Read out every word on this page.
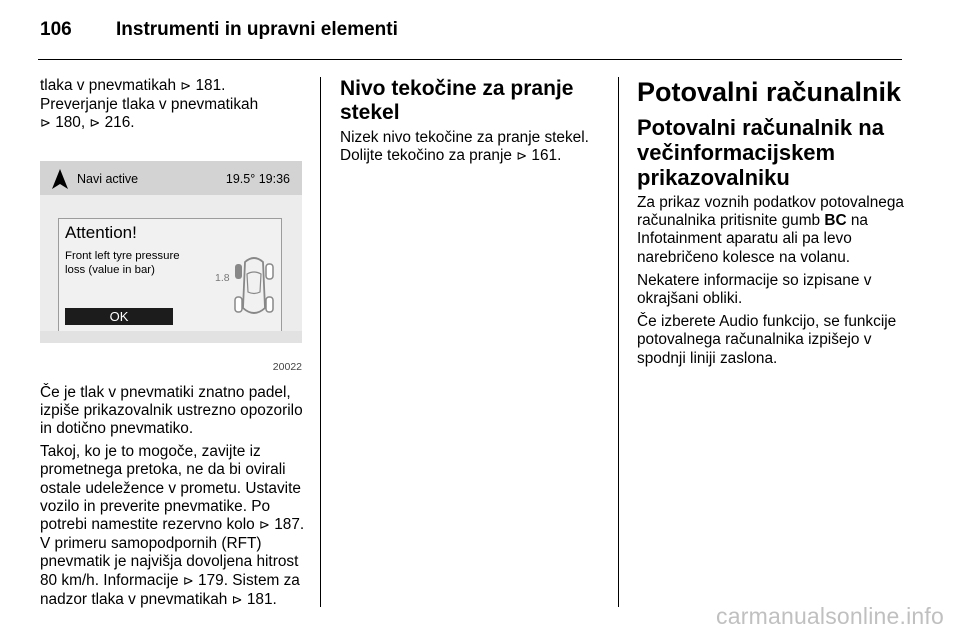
106 Instrumenti in upravni elementi

tlaka v pnevmatikah ⊳ 181.
Preverjanje tlaka v pnevmatikah
⊳ 180, ⊳ 216.

Navi active	19.5° 19:36
Attention!
Front left tyre pressure loss (value in bar)
1.8
OK
20022

Če je tlak v pnevmatiki znatno padel, izpiše prikazovalnik ustrezno opozorilo in dotično pnevmatiko.

Takoj, ko je to mogoče, zavijte iz prometnega pretoka, ne da bi ovirali ostale udeležence v prometu. Ustavite vozilo in preverite pnevmatike. Po potrebi namestite rezervno kolo ⊳ 187. V primeru samopodpornih (RFT) pnevmatik je najvišja dovoljena hitrost 80 km/h. Informacije ⊳ 179. Sistem za nadzor tlaka v pnevmatikah ⊳ 181.

Nivo tekočine za pranje stekel

Nizek nivo tekočine za pranje stekel. Dolijte tekočino za pranje ⊳ 161.

Potovalni računalnik
Potovalni računalnik na večinformacijskem prikazovalniku

Za prikaz voznih podatkov potovalnega računalnika pritisnite gumb BC na Infotainment aparatu ali pa levo narebričeno kolesce na volanu.

Nekatere informacije so izpisane v okrajšani obliki.

Če izberete Audio funkcijo, se funkcije potovalnega računalnika izpišejo v spodnji liniji zaslona.

carmanualsonline.info
